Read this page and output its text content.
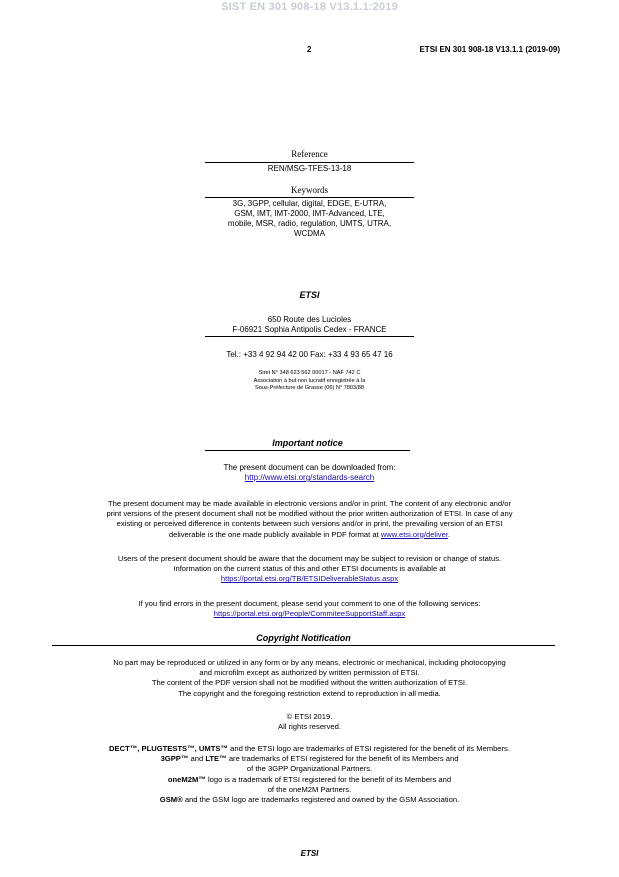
SIST EN 301 908-18 V13.1.1:2019
2	ETSI EN 301 908-18 V13.1.1 (2019-09)
Reference
REN/MSG-TFES-13-18
Keywords
3G, 3GPP, cellular, digital, EDGE, E-UTRA,
GSM, IMT, IMT-2000, IMT-Advanced, LTE,
mobile, MSR, radio, regulation, UMTS, UTRA,
WCDMA
ETSI
650 Route des Lucioles
F-06921 Sophia Antipolis Cedex - FRANCE
Tel.: +33 4 92 94 42 00 Fax: +33 4 93 65 47 16
Siret N° 348 623 562 00017 - NAF 742 C
Association à but non lucratif enregistrée à la
Sous-Préfecture de Grasse (06) N° 7803/88
Important notice
The present document can be downloaded from:
http://www.etsi.org/standards-search
The present document may be made available in electronic versions and/or in print. The content of any electronic and/or
print versions of the present document shall not be modified without the prior written authorization of ETSI. In case of any
existing or perceived difference in contents between such versions and/or in print, the prevailing version of an ETSI
deliverable is the one made publicly available in PDF format at www.etsi.org/deliver.
Users of the present document should be aware that the document may be subject to revision or change of status.
Information on the current status of this and other ETSI documents is available at
https://portal.etsi.org/TB/ETSIDeliverableStatus.aspx
If you find errors in the present document, please send your comment to one of the following services:
https://portal.etsi.org/People/CommiteeSupportStaff.aspx
Copyright Notification
No part may be reproduced or utilized in any form or by any means, electronic or mechanical, including photocopying
and microfilm except as authorized by written permission of ETSI.
The content of the PDF version shall not be modified without the written authorization of ETSI.
The copyright and the foregoing restriction extend to reproduction in all media.
© ETSI 2019.
All rights reserved.
DECT™, PLUGTESTS™, UMTS™ and the ETSI logo are trademarks of ETSI registered for the benefit of its Members.
3GPP™ and LTE™ are trademarks of ETSI registered for the benefit of its Members and
of the 3GPP Organizational Partners.
oneM2M™ logo is a trademark of ETSI registered for the benefit of its Members and
of the oneM2M Partners.
GSM® and the GSM logo are trademarks registered and owned by the GSM Association.
ETSI
